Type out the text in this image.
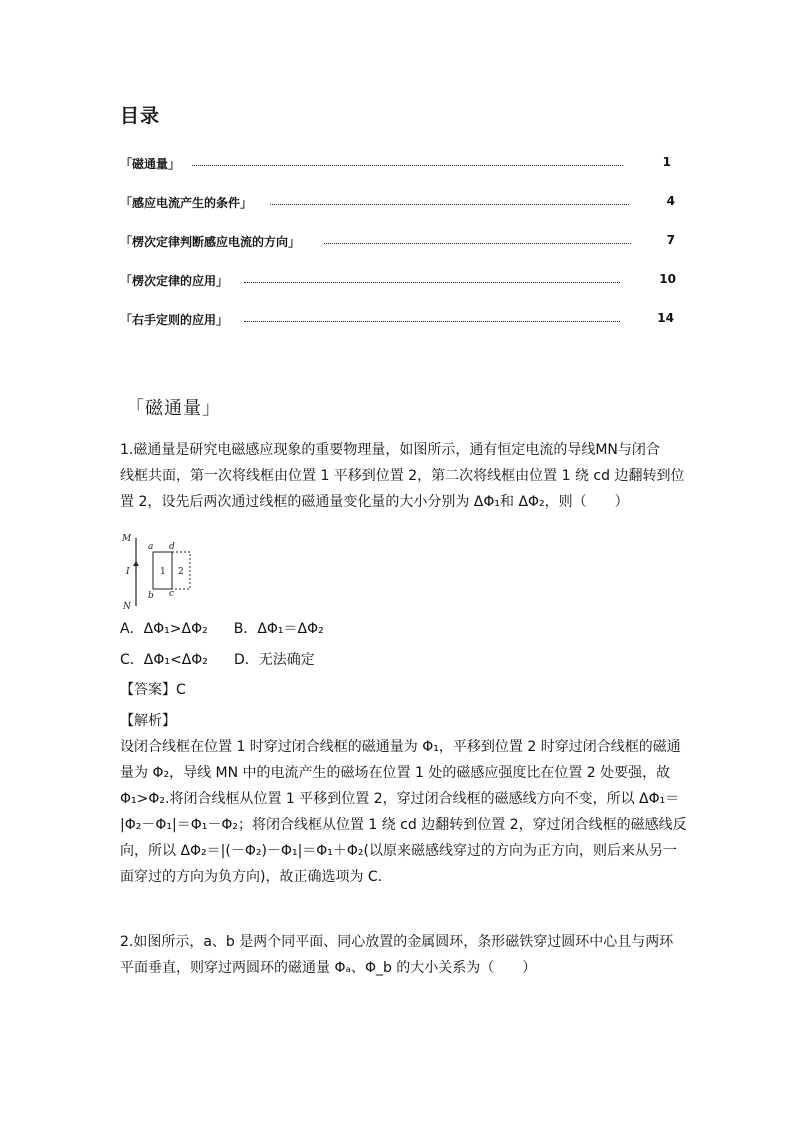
目录
「磁通量」	1
「感应电流产生的条件」	4
「楞次定律判断感应电流的方向」	7
「楞次定律的应用」	10
「右手定则的应用」	14
「磁通量」

1.磁通量是研究电磁感应现象的重要物理量，如图所示，通有恒定电流的导线MN与闭合

线框共面，第一次将线框由位置 1 平移到位置 2，第二次将线框由位置 1 绕 cd 边翻转到位

置 2，设先后两次通过线框的磁通量变化量的大小分别为 ΔΦ₁和 ΔΦ₂，则（　　）

M
N
I
a d
b c
1 2

A．ΔΦ₁>ΔΦ₂ B．ΔΦ₁＝ΔΦ₂

C．ΔΦ₁<ΔΦ₂ D．无法确定

【答案】C

【解析】

设闭合线框在位置 1 时穿过闭合线框的磁通量为 Φ₁，平移到位置 2 时穿过闭合线框的磁通

量为 Φ₂，导线 MN 中的电流产生的磁场在位置 1 处的磁感应强度比在位置 2 处要强，故

Φ₁>Φ₂.将闭合线框从位置 1 平移到位置 2，穿过闭合线框的磁感线方向不变，所以 ΔΦ₁＝

|Φ₂－Φ₁|＝Φ₁－Φ₂；将闭合线框从位置 1 绕 cd 边翻转到位置 2，穿过闭合线框的磁感线反

向，所以 ΔΦ₂＝|(－Φ₂)－Φ₁|＝Φ₁＋Φ₂(以原来磁感线穿过的方向为正方向，则后来从另一

面穿过的方向为负方向)，故正确选项为 C．

2.如图所示，a、b 是两个同平面、同心放置的金属圆环，条形磁铁穿过圆环中心且与两环

平面垂直，则穿过两圆环的磁通量 Φₐ、Φ_b 的大小关系为（　　）
